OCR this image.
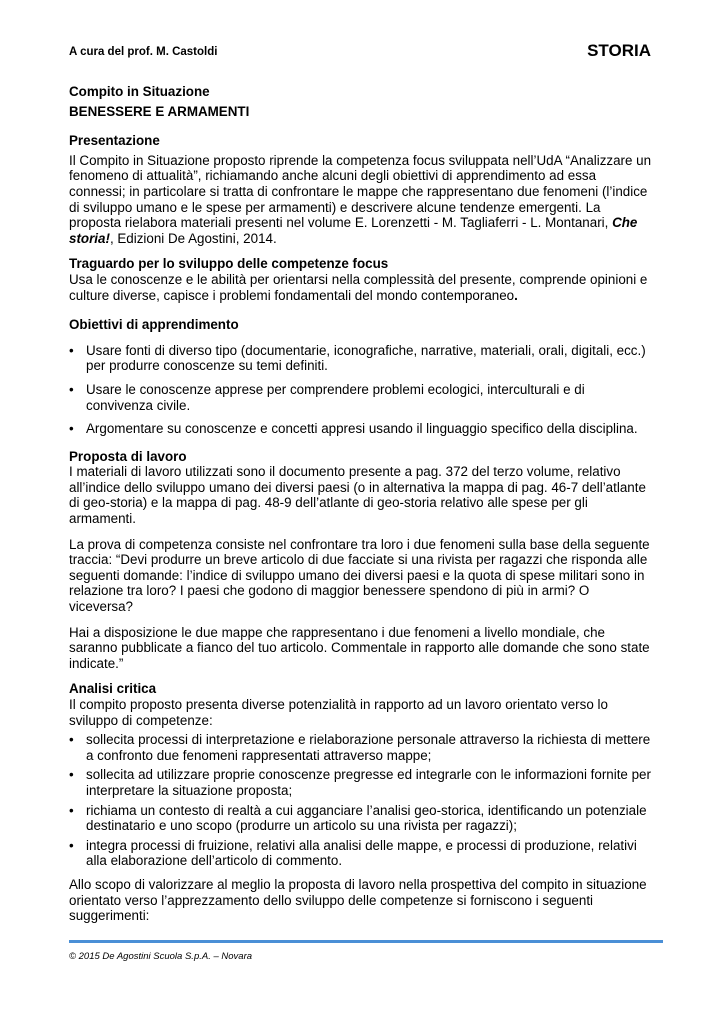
A cura del prof. M. Castoldi	STORIA

Compito in Situazione

BENESSERE E ARMAMENTI

Presentazione

Il Compito in Situazione proposto riprende la competenza focus sviluppata nell’UdA “Analizzare un fenomeno di attualità”, richiamando anche alcuni degli obiettivi di apprendimento ad essa connessi; in particolare si tratta di confrontare le mappe che rappresentano due fenomeni (l’indice di sviluppo umano e le spese per armamenti) e descrivere alcune tendenze emergenti. La proposta rielabora materiali presenti nel volume E. Lorenzetti - M. Tagliaferri - L. Montanari, Che storia!, Edizioni De Agostini, 2014.

Traguardo per lo sviluppo delle competenze focus

Usa le conoscenze e le abilità per orientarsi nella complessità del presente, comprende opinioni e culture diverse, capisce i problemi fondamentali del mondo contemporaneo.

Obiettivi di apprendimento

• Usare fonti di diverso tipo (documentarie, iconografiche, narrative, materiali, orali, digitali, ecc.) per produrre conoscenze su temi definiti.
• Usare le conoscenze apprese per comprendere problemi ecologici, interculturali e di convivenza civile.
• Argomentare su conoscenze e concetti appresi usando il linguaggio specifico della disciplina.

Proposta di lavoro

I materiali di lavoro utilizzati sono il documento presente a pag. 372 del terzo volume, relativo all’indice dello sviluppo umano dei diversi paesi (o in alternativa la mappa di pag. 46-7 dell’atlante di geo-storia) e la mappa di pag. 48-9 dell’atlante di geo-storia relativo alle spese per gli armamenti.

La prova di competenza consiste nel confrontare tra loro i due fenomeni sulla base della seguente traccia: “Devi produrre un breve articolo di due facciate si una rivista per ragazzi che risponda alle seguenti domande: l’indice di sviluppo umano dei diversi paesi e la quota di spese militari sono in relazione tra loro? I paesi che godono di maggior benessere spendono di più in armi? O viceversa?

Hai a disposizione le due mappe che rappresentano i due fenomeni a livello mondiale, che saranno pubblicate a fianco del tuo articolo. Commentale in rapporto alle domande che sono state indicate.”

Analisi critica

Il compito proposto presenta diverse potenzialità in rapporto ad un lavoro orientato verso lo sviluppo di competenze:

• sollecita processi di interpretazione e rielaborazione personale attraverso la richiesta di mettere a confronto due fenomeni rappresentati attraverso mappe;
• sollecita ad utilizzare proprie conoscenze pregresse ed integrarle con le informazioni fornite per interpretare la situazione proposta;
• richiama un contesto di realtà a cui agganciare l’analisi geo-storica, identificando un potenziale destinatario e uno scopo (produrre un articolo su una rivista per ragazzi);
• integra processi di fruizione, relativi alla analisi delle mappe, e processi di produzione, relativi alla elaborazione dell’articolo di commento.

Allo scopo di valorizzare al meglio la proposta di lavoro nella prospettiva del compito in situazione orientato verso l’apprezzamento dello sviluppo delle competenze si forniscono i seguenti suggerimenti:

© 2015 De Agostini Scuola S.p.A. – Novara
